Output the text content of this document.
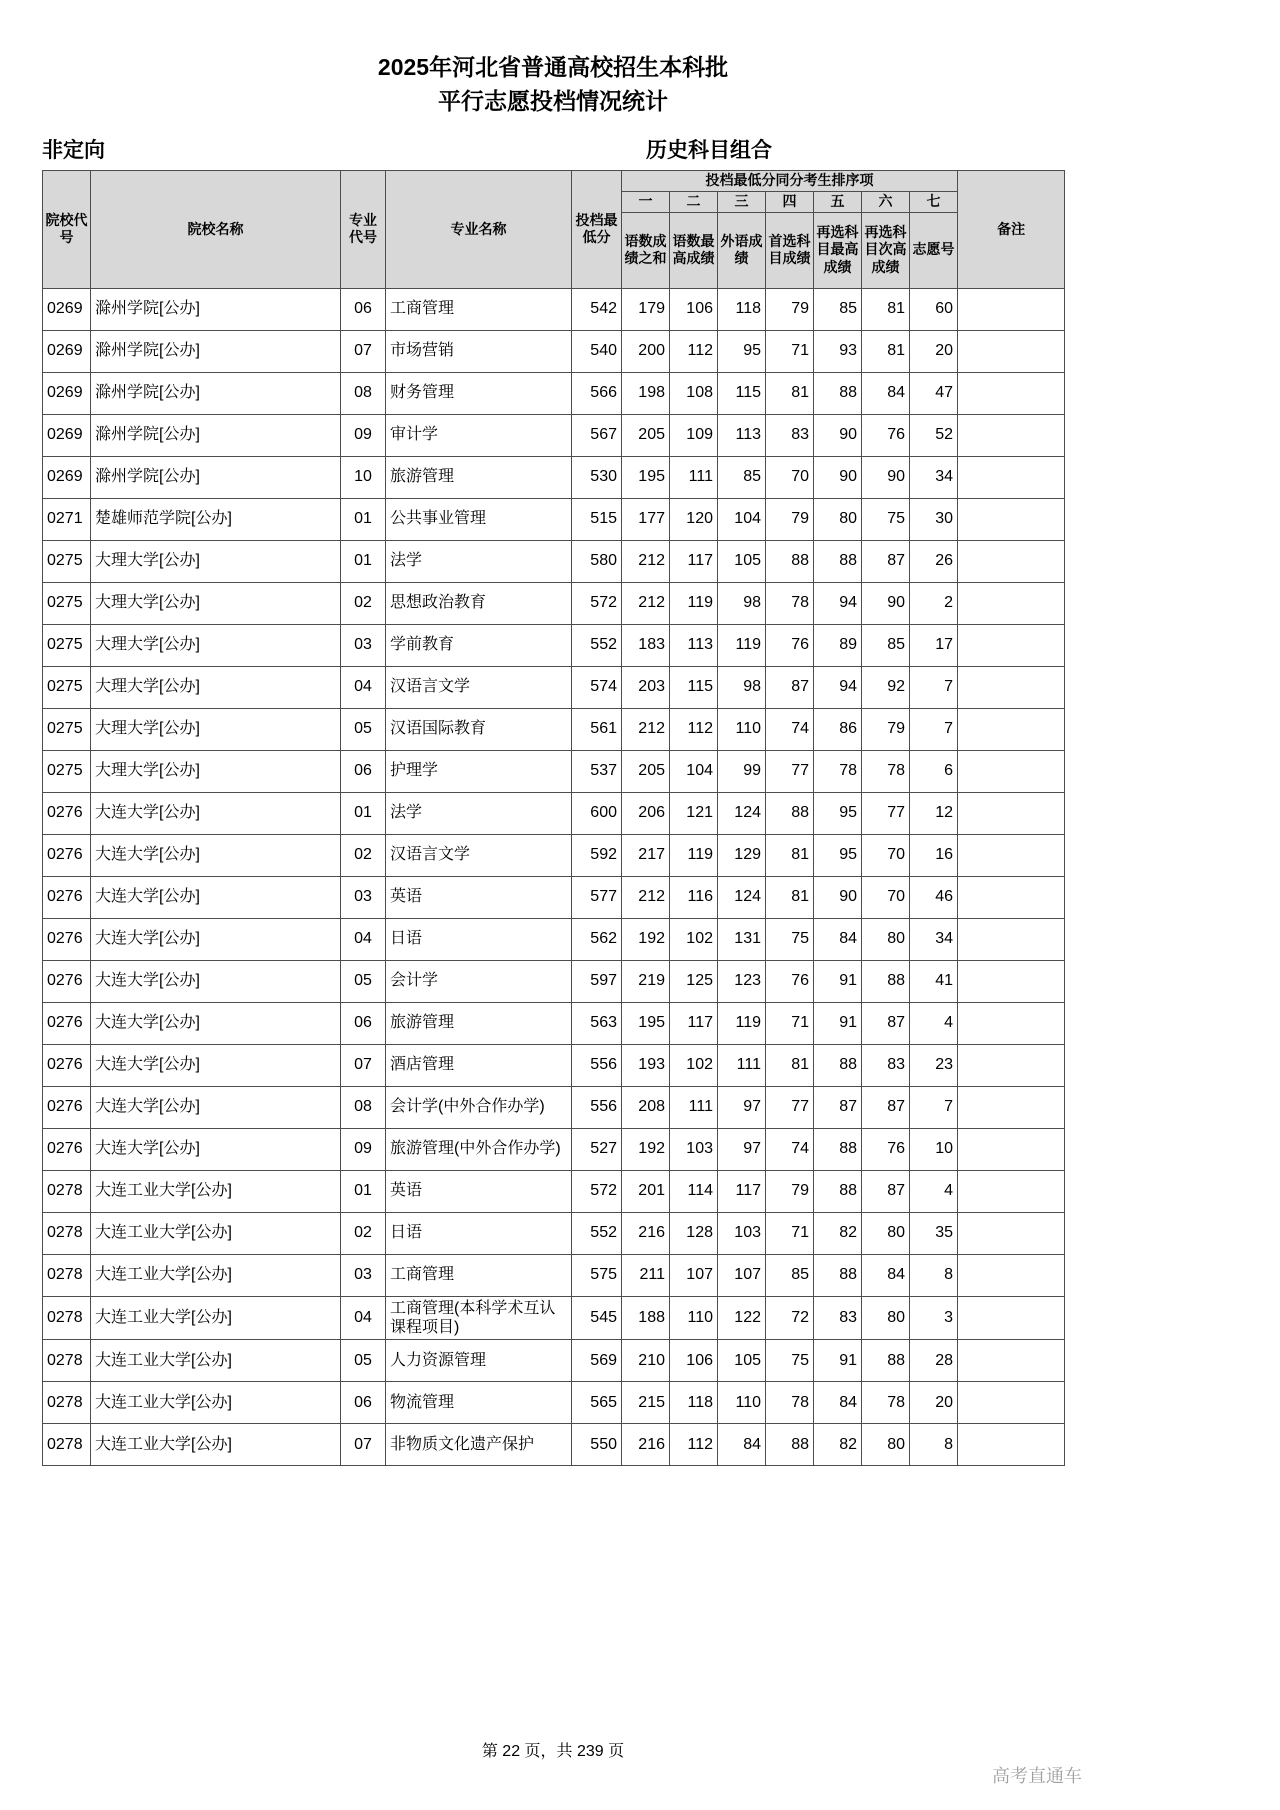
2025年河北省普通高校招生本科批
平行志愿投档情况统计
非定向	历史科目组合
院校代号	院校名称	专业代号	专业名称	投档最低分	投档最低分同分考生排序项							备注
					一	二	三	四	五	六	七	
					语数成绩之和	语数最高成绩	外语成绩	首选科目成绩	再选科目最高成绩	再选科目次高成绩	志愿号	
0269	滁州学院[公办]	06	工商管理	542	179	106	118	79	85	81	60	
0269	滁州学院[公办]	07	市场营销	540	200	112	95	71	93	81	20	
0269	滁州学院[公办]	08	财务管理	566	198	108	115	81	88	84	47	
0269	滁州学院[公办]	09	审计学	567	205	109	113	83	90	76	52	
0269	滁州学院[公办]	10	旅游管理	530	195	111	85	70	90	90	34	
0271	楚雄师范学院[公办]	01	公共事业管理	515	177	120	104	79	80	75	30	
0275	大理大学[公办]	01	法学	580	212	117	105	88	88	87	26	
0275	大理大学[公办]	02	思想政治教育	572	212	119	98	78	94	90	2	
0275	大理大学[公办]	03	学前教育	552	183	113	119	76	89	85	17	
0275	大理大学[公办]	04	汉语言文学	574	203	115	98	87	94	92	7	
0275	大理大学[公办]	05	汉语国际教育	561	212	112	110	74	86	79	7	
0275	大理大学[公办]	06	护理学	537	205	104	99	77	78	78	6	
0276	大连大学[公办]	01	法学	600	206	121	124	88	95	77	12	
0276	大连大学[公办]	02	汉语言文学	592	217	119	129	81	95	70	16	
0276	大连大学[公办]	03	英语	577	212	116	124	81	90	70	46	
0276	大连大学[公办]	04	日语	562	192	102	131	75	84	80	34	
0276	大连大学[公办]	05	会计学	597	219	125	123	76	91	88	41	
0276	大连大学[公办]	06	旅游管理	563	195	117	119	71	91	87	4	
0276	大连大学[公办]	07	酒店管理	556	193	102	111	81	88	83	23	
0276	大连大学[公办]	08	会计学(中外合作办学)	556	208	111	97	77	87	87	7	
0276	大连大学[公办]	09	旅游管理(中外合作办学)	527	192	103	97	74	88	76	10	
0278	大连工业大学[公办]	01	英语	572	201	114	117	79	88	87	4	
0278	大连工业大学[公办]	02	日语	552	216	128	103	71	82	80	35	
0278	大连工业大学[公办]	03	工商管理	575	211	107	107	85	88	84	8	
0278	大连工业大学[公办]	04	工商管理(本科学术互认课程项目)	545	188	110	122	72	83	80	3	
0278	大连工业大学[公办]	05	人力资源管理	569	210	106	105	75	91	88	28	
0278	大连工业大学[公办]	06	物流管理	565	215	118	110	78	84	78	20	
0278	大连工业大学[公办]	07	非物质文化遗产保护	550	216	112	84	88	82	80	8	
第 22 页，共 239 页
高考直通车
